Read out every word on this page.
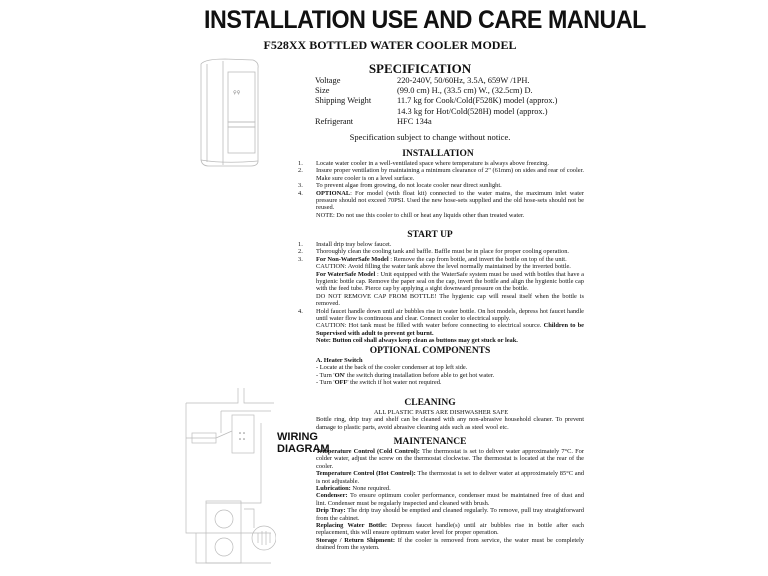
INSTALLATION USE AND CARE MANUAL
F528XX BOTTLED WATER COOLER MODEL
♀♀
SPECIFICATION
Voltage	220-240V, 50/60Hz, 3.5A, 659W /1PH.
Size	(99.0 cm) H., (33.5 cm) W., (32.5cm) D.
Shipping Weight	11.7 kg for Cook/Cold(F528K) model (approx.)
14.3 kg for Hot/Cold(528H) model (approx.)
Refrigerant	HFC 134a
Specification subject to change without notice.
INSTALLATION
1.	Locate water cooler in a well-ventilated space where temperature is always above freezing.
2.	Insure proper ventilation by maintaining a minimum clearance of 2" (61mm) on sides and rear of cooler. Make sure cooler is on a level surface.
3.	To prevent algae from growing, do not locate cooler near direct sunlight.
4.	OPTIONAL: For model (with float kit) connected to the water mains, the maximum inlet water pressure should not exceed 70PSI. Used the new hose-sets supplied and the old hose-sets should not be reused.
NOTE: Do not use this cooler to chill or heat any liquids other than treated water.
START UP
1.	Install drip tray below faucet.
2.	Thoroughly clean the cooling tank and baffle. Baffle must be in place for proper cooling operation.
3.	For Non-WaterSafe Model : Remove the cap from bottle, and invert the bottle on top of the unit.
CAUTION: Avoid filling the water tank above the level normally maintained by the inverted bottle.
For WaterSafe Model : Unit equipped with the WaterSafe system must be used with bottles that have a hygienic bottle cap. Remove the paper seal on the cap, invert the bottle and align the hygienic bottle cap with the feed tube. Pierce cap by applying a sight downward pressure on the bottle.
DO NOT REMOVE CAP FROM BOTTLE! The hygienic cap will reseal itself when the bottle is removed.
4.	Hold faucet handle down until air bubbles rise in water bottle. On hot models, depress hot faucet handle until water flow is continuous and clear. Connect cooler to electrical supply.
CAUTION: Hot tank must be filled with water before connecting to electrical source. Children to be Supervised with adult to prevent get burnt.
Note: Button coil shall always keep clean as buttons may get stuck or leak.
OPTIONAL COMPONENTS
A. Heater Switch
- Locate at the back of the cooler condenser at top left side.
- Turn 'ON' the switch during installation before able to get hot water.
- Turn 'OFF' the switch if hot water not required.
CLEANING
ALL PLASTIC PARTS ARE DISHWASHER SAFE
Bottle ring, drip tray and shelf can be cleaned with any non-abrasive household cleaner. To prevent damage to plastic parts, avoid abrasive cleaning aids such as steel wool etc.
MAINTENANCE
Temperature Control (Cold Control): The thermostat is set to deliver water approximately 7°C. For colder water, adjust the screw on the thermostat clockwise. The thermostat is located at the rear of the cooler.
Temperature Control (Hot Control): The thermostat is set to deliver water at approximately 85°C and is not adjustable.
Lubrication: None required.
Condenser: To ensure optimum cooler performance, condenser must be maintained free of dust and lint. Condenser must be regularly inspected and cleaned with brush.
Drip Tray: The drip tray should be emptied and cleaned regularly. To remove, pull tray straightforward from the cabinet.
Replacing Water Bottle: Depress faucet handle(s) until air bubbles rise in bottle after each replacement, this will ensure optimum water level for proper operation.
Storage / Return Shipment: If the cooler is removed from service, the water must be completely drained from the system.
WIRING
DIAGRAM
